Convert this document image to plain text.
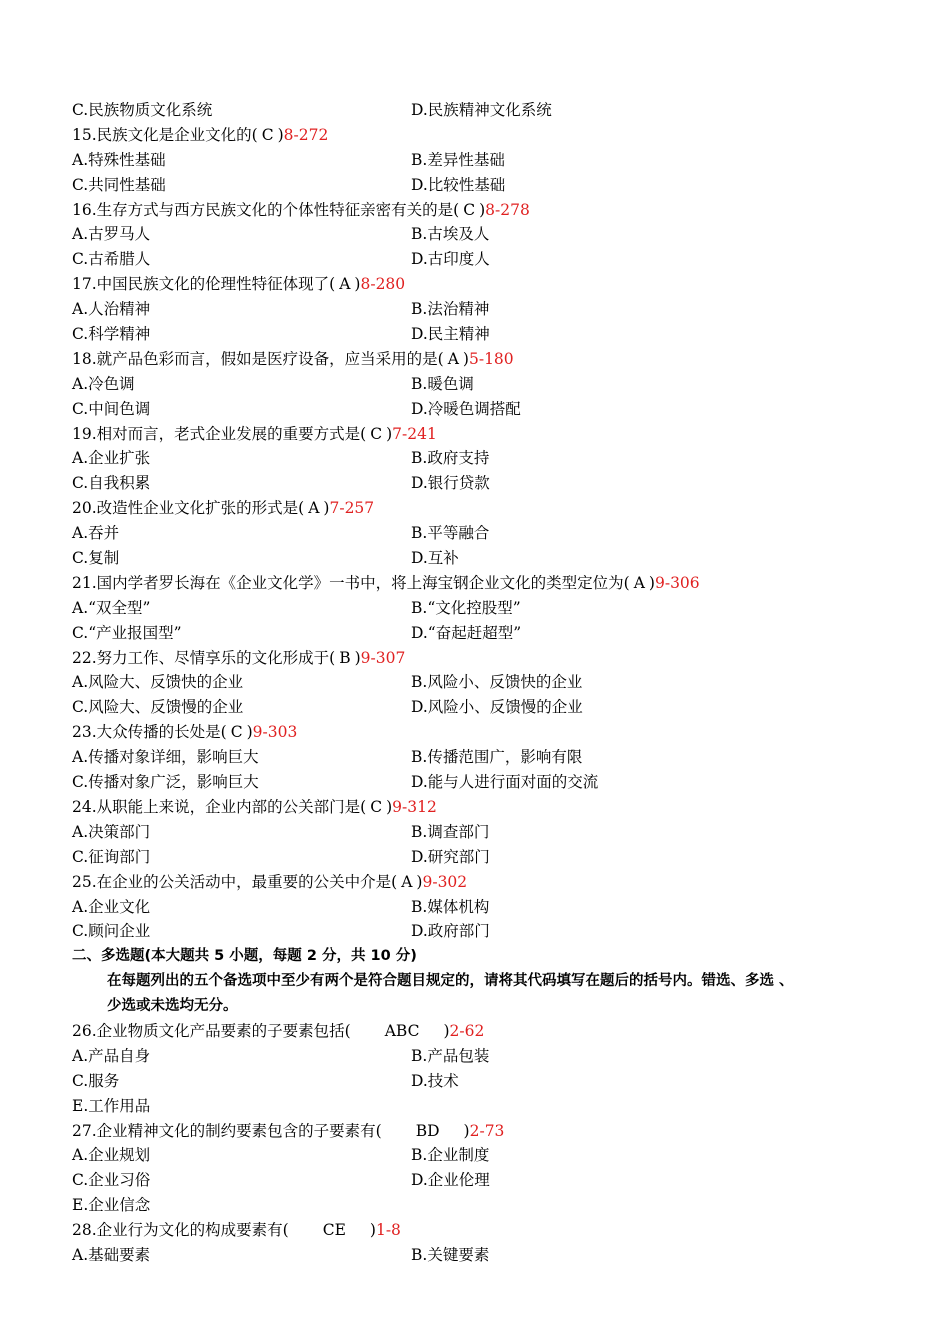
C.民族物质文化系统	D.民族精神文化系统
15.民族文化是企业文化的( C )8-272
A.特殊性基础	B.差异性基础
C.共同性基础	D.比较性基础
16.生存方式与西方民族文化的个体性特征亲密有关的是( C )8-278
A.古罗马人	B.古埃及人
C.古希腊人	D.古印度人
17.中国民族文化的伦理性特征体现了( A )8-280
A.人治精神	B.法治精神
C.科学精神	D.民主精神
18.就产品色彩而言，假如是医疗设备，应当采用的是( A )5-180
A.冷色调	B.暖色调
C.中间色调	D.冷暖色调搭配
19.相对而言，老式企业发展的重要方式是( C )7-241
A.企业扩张	B.政府支持
C.自我积累	D.银行贷款
20.改造性企业文化扩张的形式是( A )7-257
A.吞并	B.平等融合
C.复制	D.互补
21.国内学者罗长海在《企业文化学》一书中，将上海宝钢企业文化的类型定位为( A )9-306
A.“双全型”	B.“文化控股型”
C.“产业报国型”	D.“奋起赶超型”
22.努力工作、尽情享乐的文化形成于( B )9-307
A.风险大、反馈快的企业	B.风险小、反馈快的企业
C.风险大、反馈慢的企业	D.风险小、反馈慢的企业
23.大众传播的长处是( C )9-303
A.传播对象详细，影响巨大	B.传播范围广，影响有限
C.传播对象广泛，影响巨大	D.能与人进行面对面的交流
24.从职能上来说，企业内部的公关部门是( C )9-312
A.决策部门	B.调查部门
C.征询部门	D.研究部门
25.在企业的公关活动中，最重要的公关中介是( A )9-302
A.企业文化	B.媒体机构
C.顾问企业	D.政府部门
二、多选题(本大题共 5 小题，每题 2 分，共 10 分)
在每题列出的五个备选项中至少有两个是符合题目规定的，请将其代码填写在题后的括号内。错选、多选 、
少选或未选均无分。
26.企业物质文化产品要素的子要素包括( ABC )2-62
A.产品自身	B.产品包装
C.服务	D.技术
E.工作用品
27.企业精神文化的制约要素包含的子要素有( BD )2-73
A.企业规划	B.企业制度
C.企业习俗	D.企业伦理
E.企业信念
28.企业行为文化的构成要素有( CE )1-8
A.基础要素	B.关键要素
